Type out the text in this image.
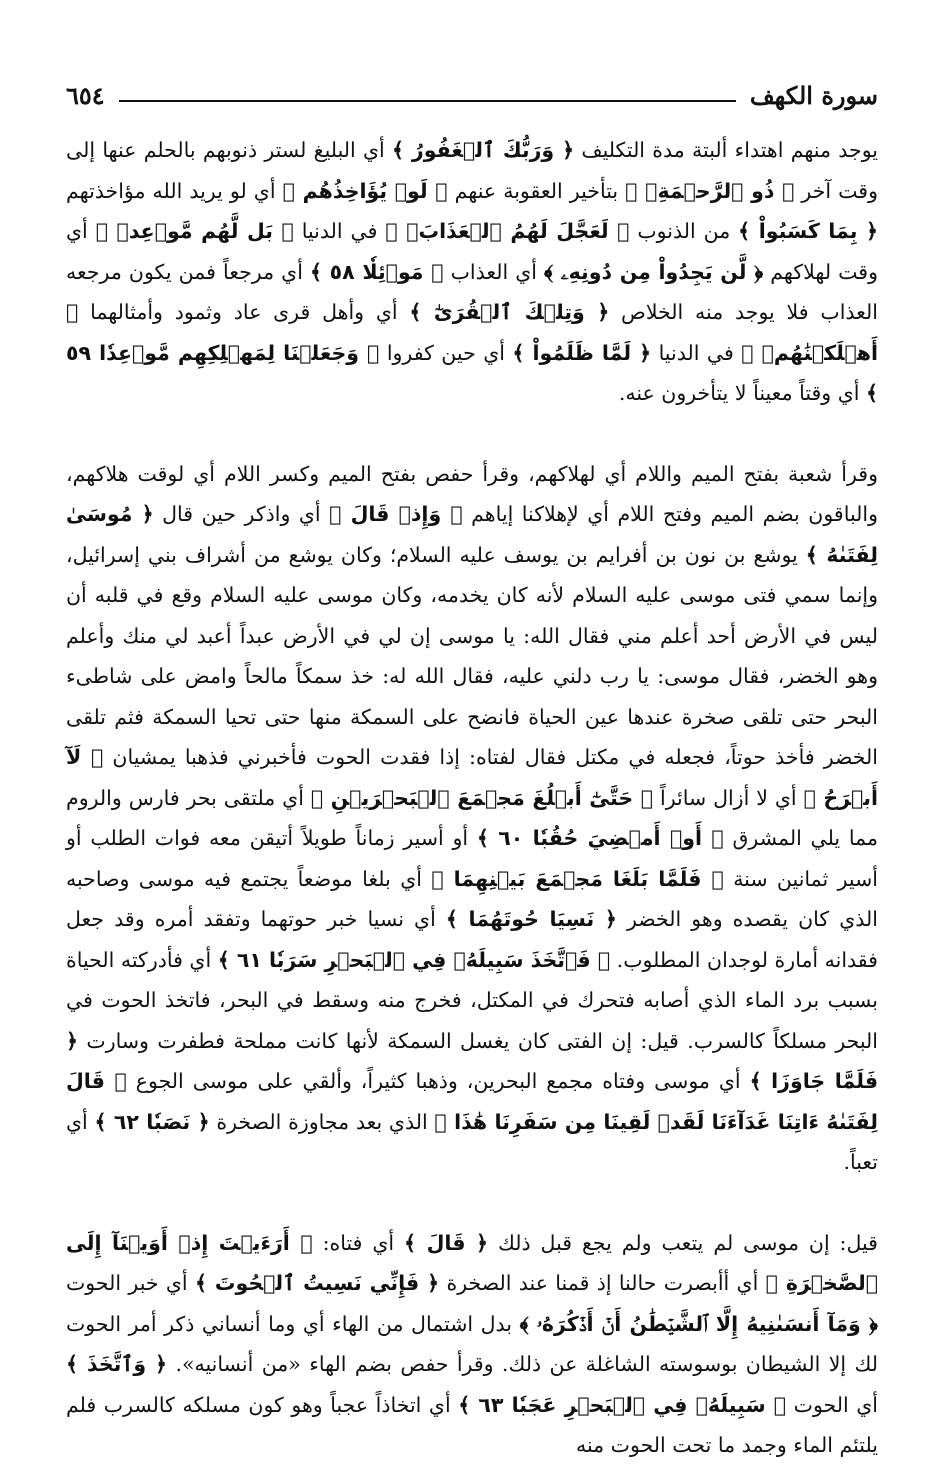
سورة الكهف
٦٥٤

يوجد منهم اهتداء ألبتة مدة التكليف ﴿ وَرَبُّكَ ٱلۡغَفُورُ ﴾ أي البليغ لستر ذنوبهم بالحلم عنها إلى وقت آخر ﴿ ذُو ٱلرَّحۡمَةِۖ ﴾ بتأخير العقوبة عنهم ﴿ لَوۡ يُؤَاخِذُهُم ﴾ أي لو يريد الله مؤاخذتهم ﴿ بِمَا كَسَبُواْ ﴾ من الذنوب ﴿ لَعَجَّلَ لَهُمُ ٱلۡعَذَابَۚ ﴾ في الدنيا ﴿ بَل لَّهُم مَّوۡعِدٞ ﴾ أي وقت لهلاكهم ﴿ لَّن يَجِدُواْ مِن دُونِهِۦ ﴾ أي العذاب ﴿ مَوۡئِلٗا ٥٨ ﴾ أي مرجعاً فمن يكون مرجعه العذاب فلا يوجد منه الخلاص ﴿ وَتِلۡكَ ٱلۡقُرَىٰٓ ﴾ أي وأهل قرى عاد وثمود وأمثالهما ﴿ أَهۡلَكۡنَٰهُمۡ ﴾ في الدنيا ﴿ لَمَّا ظَلَمُواْ ﴾ أي حين كفروا ﴿ وَجَعَلۡنَا لِمَهۡلِكِهِم مَّوۡعِدٗا ٥٩ ﴾ أي وقتاً معيناً لا يتأخرون عنه.

وقرأ شعبة بفتح الميم واللام أي لهلاكهم، وقرأ حفص بفتح الميم وكسر اللام أي لوقت هلاكهم، والباقون بضم الميم وفتح اللام أي لإهلاكنا إياهم ﴿ وَإِذۡ قَالَ ﴾ أي واذكر حين قال ﴿ مُوسَىٰ لِفَتَىٰهُ ﴾ يوشع بن نون بن أفرايم بن يوسف عليه السلام؛ وكان يوشع من أشراف بني إسرائيل، وإنما سمي فتى موسى عليه السلام لأنه كان يخدمه، وكان موسى عليه السلام وقع في قلبه أن ليس في الأرض أحد أعلم مني فقال الله: يا موسى إن لي في الأرض عبداً أعبد لي منك وأعلم وهو الخضر، فقال موسى: يا رب دلني عليه، فقال الله له: خذ سمكاً مالحاً وامض على شاطىء البحر حتى تلقى صخرة عندها عين الحياة فانضح على السمكة منها حتى تحيا السمكة فثم تلقى الخضر فأخذ حوتاً، فجعله في مكتل فقال لفتاه: إذا فقدت الحوت فأخبرني فذهبا يمشيان ﴿ لَآ أَبۡرَحُ ﴾ أي لا أزال سائراً ﴿ حَتَّىٰٓ أَبۡلُغَ مَجۡمَعَ ٱلۡبَحۡرَيۡنِ ﴾ أي ملتقى بحر فارس والروم مما يلي المشرق ﴿ أَوۡ أَمۡضِيَ حُقُبٗا ٦٠ ﴾ أو أسير زماناً طويلاً أتيقن معه فوات الطلب أو أسير ثمانين سنة ﴿ فَلَمَّا بَلَغَا مَجۡمَعَ بَيۡنِهِمَا ﴾ أي بلغا موضعاً يجتمع فيه موسى وصاحبه الذي كان يقصده وهو الخضر ﴿ نَسِيَا حُوتَهُمَا ﴾ أي نسيا خبر حوتهما وتفقد أمره وقد جعل فقدانه أمارة لوجدان المطلوب. ﴿ فَٱتَّخَذَ سَبِيلَهُۥ فِي ٱلۡبَحۡرِ سَرَبٗا ٦١ ﴾ أي فأدركته الحياة بسبب برد الماء الذي أصابه فتحرك في المكتل، فخرج منه وسقط في البحر، فاتخذ الحوت في البحر مسلكاً كالسرب. قيل: إن الفتى كان يغسل السمكة لأنها كانت مملحة فطفرت وسارت ﴿ فَلَمَّا جَاوَزَا ﴾ أي موسى وفتاه مجمع البحرين، وذهبا كثيراً، وألقي على موسى الجوع ﴿ قَالَ لِفَتَىٰهُ ءَاتِنَا غَدَآءَنَا لَقَدۡ لَقِينَا مِن سَفَرِنَا هَٰذَا ﴾ الذي بعد مجاوزة الصخرة ﴿ نَصَبٗا ٦٢ ﴾ أي تعباً.

قيل: إن موسى لم يتعب ولم يجع قبل ذلك ﴿ قَالَ ﴾ أي فتاه: ﴿ أَرَءَيۡتَ إِذۡ أَوَيۡنَآ إِلَى ٱلصَّخۡرَةِ ﴾ أي أأبصرت حالنا إذ قمنا عند الصخرة ﴿ فَإِنِّي نَسِيتُ ٱلۡحُوتَ ﴾ أي خبر الحوت ﴿ وَمَآ أَنسَىٰنِيهُ إِلَّا ٱلشَّيۡطَٰنُ أَنۡ أَذۡكُرَهُۥ ﴾ بدل اشتمال من الهاء أي وما أنساني ذكر أمر الحوت لك إلا الشيطان بوسوسته الشاغلة عن ذلك. وقرأ حفص بضم الهاء «من أنسانيه». ﴿ وَٱتَّخَذَ ﴾ أي الحوت ﴿ سَبِيلَهُۥ فِي ٱلۡبَحۡرِ عَجَبٗا ٦٣ ﴾ أي اتخاذاً عجباً وهو كون مسلكه كالسرب فلم يلتئم الماء وجمد ما تحت الحوت منه
